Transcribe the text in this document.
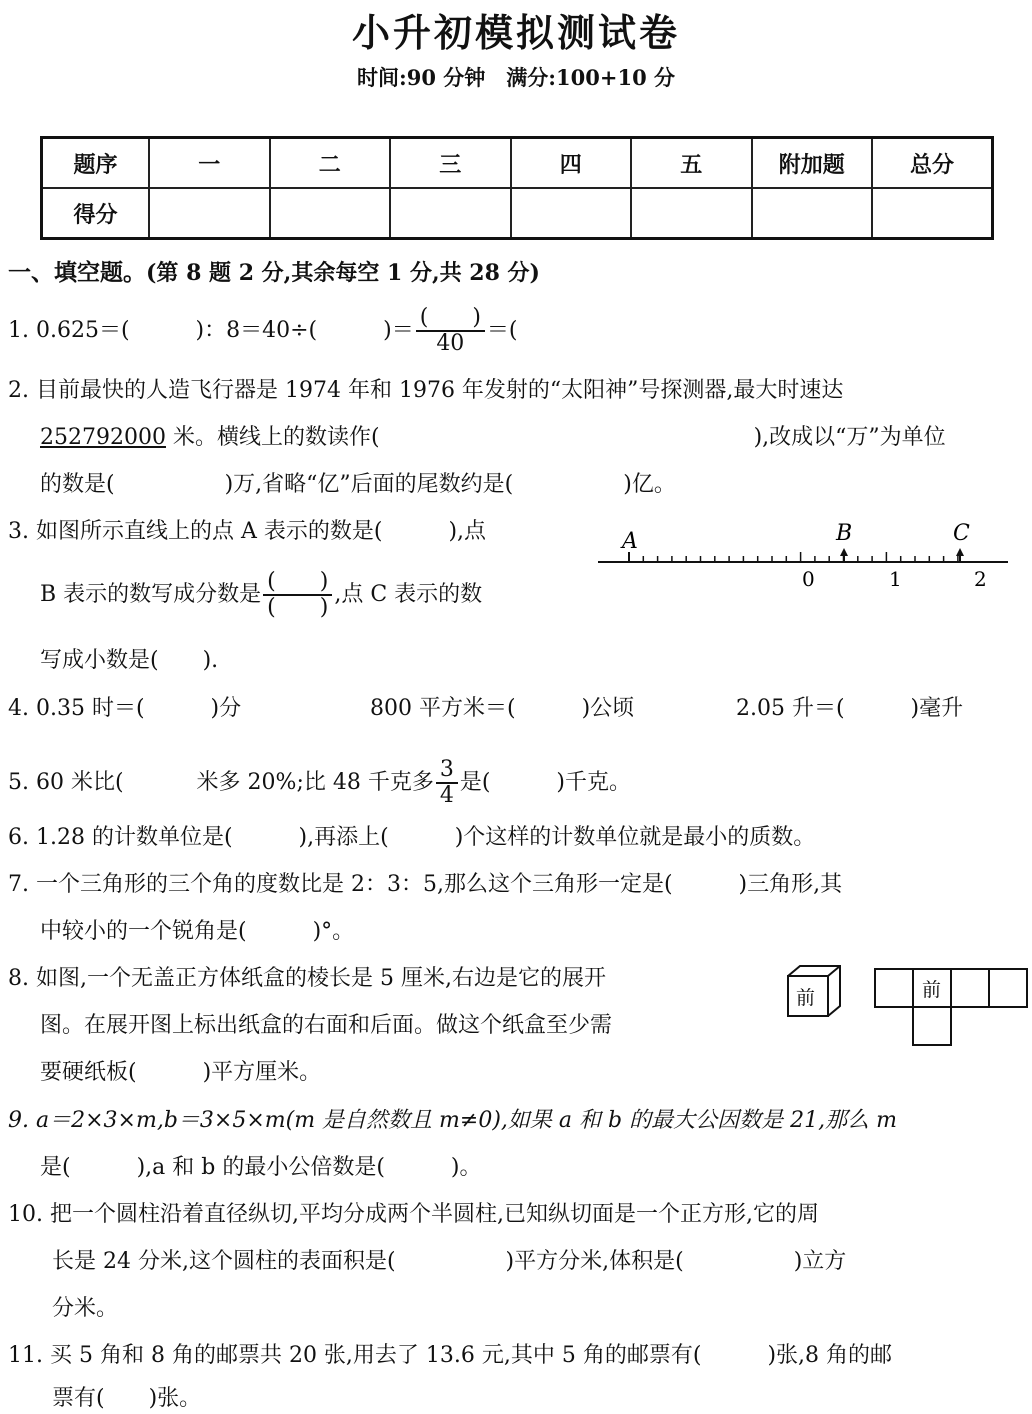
小升初模拟测试卷
时间:90 分钟　满分:100+10 分
题序	一	二	三	四	五	附加题	总分
得分							
一、填空题。(第 8 题 2 分,其余每空 1 分,共 28 分)
1. 0.625＝(　　　)：8＝40÷(　　　)＝ $\frac{( )}{40}$ ＝(
2. 目前最快的人造飞行器是 1974 年和 1976 年发射的“太阳神”号探测器,最大时速达
252792000 米。横线上的数读作(　　　　　　　　　　　　　　　　　),改成以“万”为单位
的数是(　　　　　)万,省略“亿”后面的尾数约是(　　　　　)亿。
3. 如图所示直线上的点 A 表示的数是(　　　),点
B 表示的数写成分数是 $\frac{( )}{( )}$ ,点 C 表示的数
写成小数是(　　).
A	B	C
0	1	2
4. 0.35 时＝(　　　)分	800 平方米＝(　　　)公顷	2.05 升＝(　　　)毫升
5. 60 米比(　　　 米多 20%;比 48 千克多 $\frac{3}{4}$ 是(　　　)千克。
6. 1.28 的计数单位是(　　　),再添上(　　　)个这样的计数单位就是最小的质数。
7. 一个三角形的三个角的度数比是 2：3：5,那么这个三角形一定是(　　　)三角形,其
中较小的一个锐角是(　　　)°。
8. 如图,一个无盖正方体纸盒的棱长是 5 厘米,右边是它的展开
图。在展开图上标出纸盒的右面和后面。做这个纸盒至少需
要硬纸板(　　　)平方厘米。
前	前
9. a＝2×3×m,b＝3×5×m(m 是自然数且 m≠0),如果 a 和 b 的最大公因数是 21,那么 m
是(　　　),a 和 b 的最小公倍数是(　　　)。
10. 把一个圆柱沿着直径纵切,平均分成两个半圆柱,已知纵切面是一个正方形,它的周
长是 24 分米,这个圆柱的表面积是(　　　　　)平方分米,体积是(　　　　　)立方
分米。
11. 买 5 角和 8 角的邮票共 20 张,用去了 13.6 元,其中 5 角的邮票有(　　　)张,8 角的邮
票有(　　)张。
